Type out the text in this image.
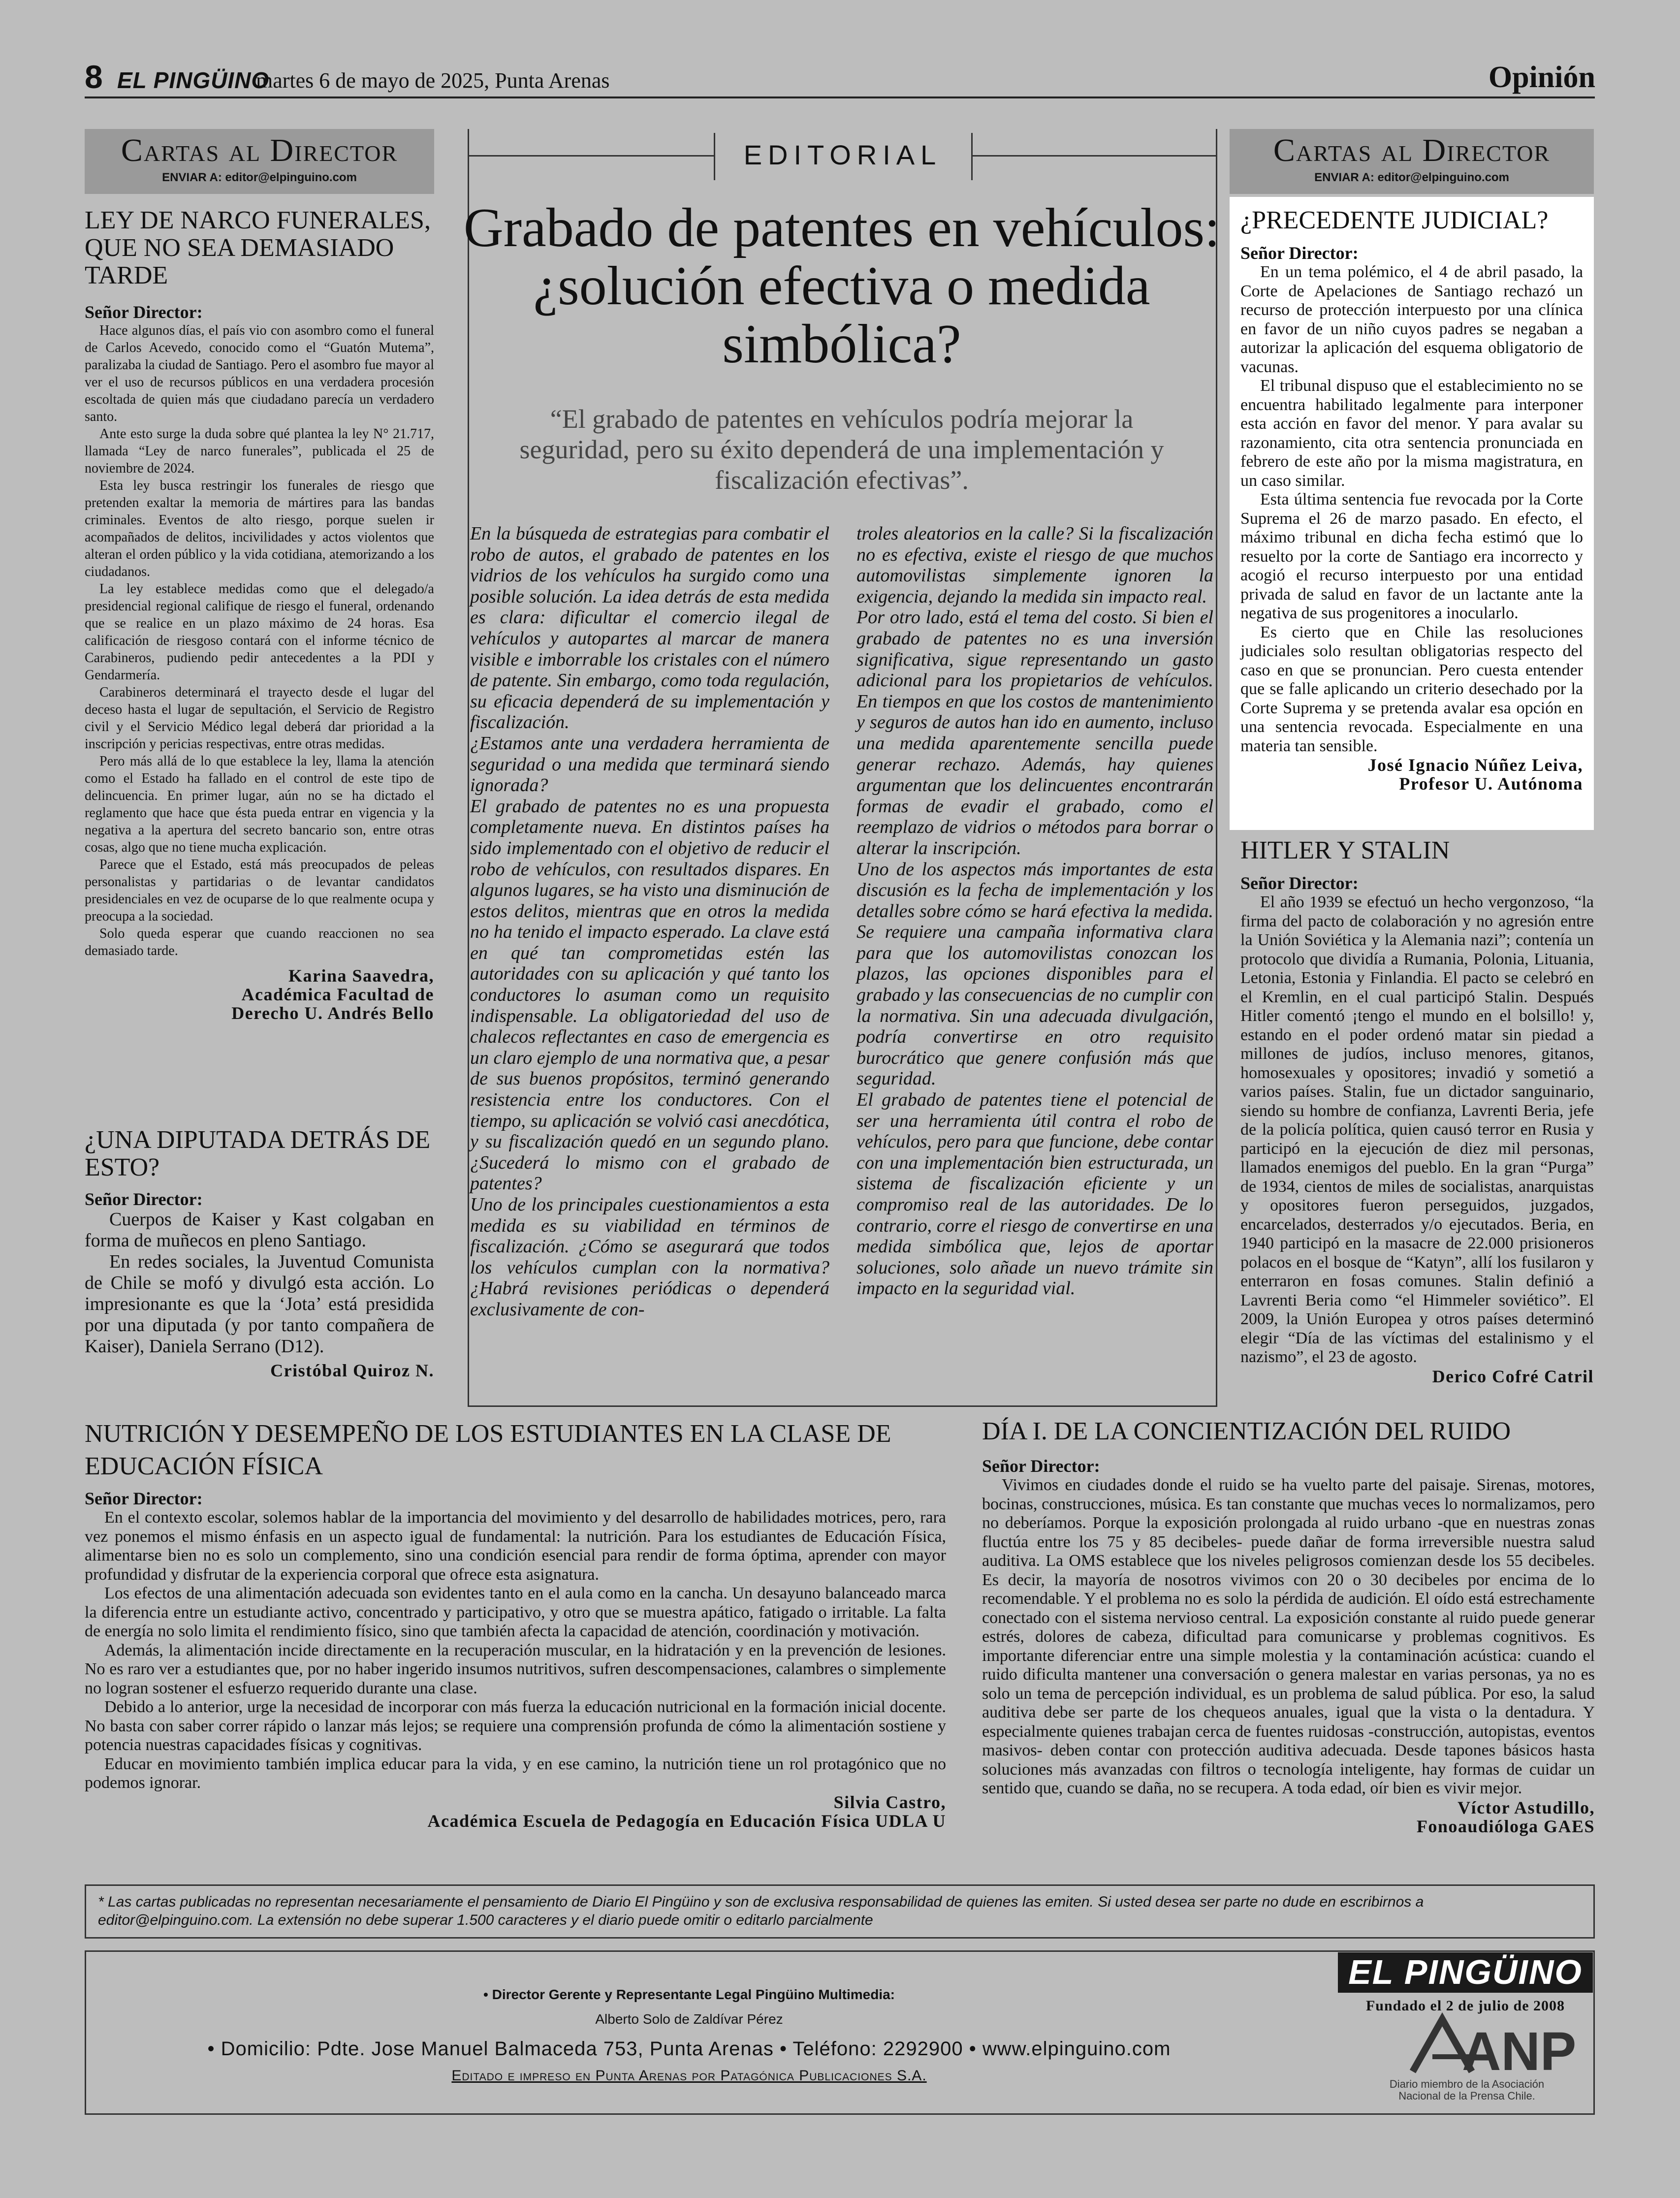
8 EL PINGÜINO
martes 6 de mayo de 2025, Punta Arenas	Opinión
Cartas al Director
ENVIAR A: editor@elpinguino.com
LEY DE NARCO FUNERALES, QUE NO SEA DEMASIADO TARDE
Señor Director:

Hace algunos días, el país vio con asombro como el funeral de Carlos Acevedo, conocido como el “Guatón Mutema”, paralizaba la ciudad de Santiago. Pero el asombro fue mayor al ver el uso de recursos públicos en una verdadera procesión escoltada de quien más que ciudadano parecía un verdadero santo.

Ante esto surge la duda sobre qué plantea la ley N° 21.717, llamada “Ley de narco funerales”, publicada el 25 de noviembre de 2024.

Esta ley busca restringir los funerales de riesgo que pretenden exaltar la memoria de mártires para las bandas criminales. Eventos de alto riesgo, porque suelen ir acompañados de delitos, incivilidades y actos violentos que alteran el orden público y la vida cotidiana, atemorizando a los ciudadanos.

La ley establece medidas como que el delegado/a presidencial regional califique de riesgo el funeral, ordenando que se realice en un plazo máximo de 24 horas. Esa calificación de riesgoso contará con el informe técnico de Carabineros, pudiendo pedir antecedentes a la PDI y Gendarmería.

Carabineros determinará el trayecto desde el lugar del deceso hasta el lugar de sepultación, el Servicio de Registro civil y el Servicio Médico legal deberá dar prioridad a la inscripción y pericias respectivas, entre otras medidas.

Pero más allá de lo que establece la ley, llama la atención como el Estado ha fallado en el control de este tipo de delincuencia. En primer lugar, aún no se ha dictado el reglamento que hace que ésta pueda entrar en vigencia y la negativa a la apertura del secreto bancario son, entre otras cosas, algo que no tiene mucha explicación.

Parece que el Estado, está más preocupados de peleas personalistas y partidarias o de levantar candidatos presidenciales en vez de ocuparse de lo que realmente ocupa y preocupa a la sociedad.

Solo queda esperar que cuando reaccionen no sea demasiado tarde.

Karina Saavedra,
Académica Facultad de
Derecho U. Andrés Bello
¿UNA DIPUTADA DETRÁS DE ESTO?
Señor Director:

Cuerpos de Kaiser y Kast colgaban en forma de muñecos en pleno Santiago.

En redes sociales, la Juventud Comunista de Chile se mofó y divulgó esta acción. Lo impresionante es que la ‘Jota’ está presidida por una diputada (y por tanto compañera de Kaiser), Daniela Serrano (D12).

Cristóbal Quiroz N.
EDITORIAL
Grabado de patentes en vehículos: ¿solución efectiva o medida simbólica?
“El grabado de patentes en vehículos podría mejorar la seguridad, pero su éxito dependerá de una implementación y fiscalización efectivas”.

En la búsqueda de estrategias para combatir el robo de autos, el grabado de patentes en los vidrios de los vehículos ha surgido como una posible solución. La idea detrás de esta medida es clara: dificultar el comercio ilegal de vehículos y autopartes al marcar de manera visible e imborrable los cristales con el número de patente. Sin embargo, como toda regulación, su eficacia dependerá de su implementación y fiscalización.

¿Estamos ante una verdadera herramienta de seguridad o una medida que terminará siendo ignorada?

El grabado de patentes no es una propuesta completamente nueva. En distintos países ha sido implementado con el objetivo de reducir el robo de vehículos, con resultados dispares. En algunos lugares, se ha visto una disminución de estos delitos, mientras que en otros la medida no ha tenido el impacto esperado. La clave está en qué tan comprometidas estén las autoridades con su aplicación y qué tanto los conductores lo asuman como un requisito indispensable. La obligatoriedad del uso de chalecos reflectantes en caso de emergencia es un claro ejemplo de una normativa que, a pesar de sus buenos propósitos, terminó generando resistencia entre los conductores. Con el tiempo, su aplicación se volvió casi anecdótica, y su fiscalización quedó en un segundo plano. ¿Sucederá lo mismo con el grabado de patentes?

Uno de los principales cuestionamientos a esta medida es su viabilidad en términos de fiscalización. ¿Cómo se asegurará que todos los vehículos cumplan con la normativa? ¿Habrá revisiones periódicas o dependerá exclusivamente de con-

troles aleatorios en la calle? Si la fiscalización no es efectiva, existe el riesgo de que muchos automovilistas simplemente ignoren la exigencia, dejando la medida sin impacto real.

Por otro lado, está el tema del costo. Si bien el grabado de patentes no es una inversión significativa, sigue representando un gasto adicional para los propietarios de vehículos. En tiempos en que los costos de mantenimiento y seguros de autos han ido en aumento, incluso una medida aparentemente sencilla puede generar rechazo. Además, hay quienes argumentan que los delincuentes encontrarán formas de evadir el grabado, como el reemplazo de vidrios o métodos para borrar o alterar la inscripción.

Uno de los aspectos más importantes de esta discusión es la fecha de implementación y los detalles sobre cómo se hará efectiva la medida. Se requiere una campaña informativa clara para que los automovilistas conozcan los plazos, las opciones disponibles para el grabado y las consecuencias de no cumplir con la normativa. Sin una adecuada divulgación, podría convertirse en otro requisito burocrático que genere confusión más que seguridad.

El grabado de patentes tiene el potencial de ser una herramienta útil contra el robo de vehículos, pero para que funcione, debe contar con una implementación bien estructurada, un sistema de fiscalización eficiente y un compromiso real de las autoridades. De lo contrario, corre el riesgo de convertirse en una medida simbólica que, lejos de aportar soluciones, solo añade un nuevo trámite sin impacto en la seguridad vial.

Cartas al Director
ENVIAR A: editor@elpinguino.com
¿PRECEDENTE JUDICIAL?
Señor Director:

En un tema polémico, el 4 de abril pasado, la Corte de Apelaciones de Santiago rechazó un recurso de protección interpuesto por una clínica en favor de un niño cuyos padres se negaban a autorizar la aplicación del esquema obligatorio de vacunas.

El tribunal dispuso que el establecimiento no se encuentra habilitado legalmente para interponer esta acción en favor del menor. Y para avalar su razonamiento, cita otra sentencia pronunciada en febrero de este año por la misma magistratura, en un caso similar.

Esta última sentencia fue revocada por la Corte Suprema el 26 de marzo pasado. En efecto, el máximo tribunal en dicha fecha estimó que lo resuelto por la corte de Santiago era incorrecto y acogió el recurso interpuesto por una entidad privada de salud en favor de un lactante ante la negativa de sus progenitores a inocularlo.

Es cierto que en Chile las resoluciones judiciales solo resultan obligatorias respecto del caso en que se pronuncian. Pero cuesta entender que se falle aplicando un criterio desechado por la Corte Suprema y se pretenda avalar esa opción en una sentencia revocada. Especialmente en una materia tan sensible.

José Ignacio Núñez Leiva,
Profesor U. Autónoma
HITLER Y STALIN
Señor Director:

El año 1939 se efectuó un hecho vergonzoso, “la firma del pacto de colaboración y no agresión entre la Unión Soviética y la Alemania nazi”; contenía un protocolo que dividía a Rumania, Polonia, Lituania, Letonia, Estonia y Finlandia. El pacto se celebró en el Kremlin, en el cual participó Stalin. Después Hitler comentó ¡tengo el mundo en el bolsillo! y, estando en el poder ordenó matar sin piedad a millones de judíos, incluso menores, gitanos, homosexuales y opositores; invadió y sometió a varios países. Stalin, fue un dictador sanguinario, siendo su hombre de confianza, Lavrenti Beria, jefe de la policía política, quien causó terror en Rusia y participó en la ejecución de diez mil personas, llamados enemigos del pueblo. En la gran “Purga” de 1934, cientos de miles de socialistas, anarquistas y opositores fueron perseguidos, juzgados, encarcelados, desterrados y/o ejecutados. Beria, en 1940 participó en la masacre de 22.000 prisioneros polacos en el bosque de “Katyn”, allí los fusilaron y enterraron en fosas comunes. Stalin definió a Lavrenti Beria como “el Himmeler soviético”. El 2009, la Unión Europea y otros países determinó elegir “Día de las víctimas del estalinismo y el nazismo”, el 23 de agosto.

Derico Cofré Catril
NUTRICIÓN Y DESEMPEÑO DE LOS ESTUDIANTES EN LA CLASE DE EDUCACIÓN FÍSICA
Señor Director:

En el contexto escolar, solemos hablar de la importancia del movimiento y del desarrollo de habilidades motrices, pero, rara vez ponemos el mismo énfasis en un aspecto igual de fundamental: la nutrición. Para los estudiantes de Educación Física, alimentarse bien no es solo un complemento, sino una condición esencial para rendir de forma óptima, aprender con mayor profundidad y disfrutar de la experiencia corporal que ofrece esta asignatura.

Los efectos de una alimentación adecuada son evidentes tanto en el aula como en la cancha. Un desayuno balanceado marca la diferencia entre un estudiante activo, concentrado y participativo, y otro que se muestra apático, fatigado o irritable. La falta de energía no solo limita el rendimiento físico, sino que también afecta la capacidad de atención, coordinación y motivación.

Además, la alimentación incide directamente en la recuperación muscular, en la hidratación y en la prevención de lesiones. No es raro ver a estudiantes que, por no haber ingerido insumos nutritivos, sufren descompensaciones, calambres o simplemente no logran sostener el esfuerzo requerido durante una clase.

Debido a lo anterior, urge la necesidad de incorporar con más fuerza la educación nutricional en la formación inicial docente. No basta con saber correr rápido o lanzar más lejos; se requiere una comprensión profunda de cómo la alimentación sostiene y potencia nuestras capacidades físicas y cognitivas.

Educar en movimiento también implica educar para la vida, y en ese camino, la nutrición tiene un rol protagónico que no podemos ignorar.

Silvia Castro,
Académica Escuela de Pedagogía en Educación Física UDLA U
DÍA I. DE LA CONCIENTIZACIÓN DEL RUIDO
Señor Director:

Vivimos en ciudades donde el ruido se ha vuelto parte del paisaje. Sirenas, motores, bocinas, construcciones, música. Es tan constante que muchas veces lo normalizamos, pero no deberíamos. Porque la exposición prolongada al ruido urbano -que en nuestras zonas fluctúa entre los 75 y 85 decibeles- puede dañar de forma irreversible nuestra salud auditiva. La OMS establece que los niveles peligrosos comienzan desde los 55 decibeles. Es decir, la mayoría de nosotros vivimos con 20 o 30 decibeles por encima de lo recomendable. Y el problema no es solo la pérdida de audición. El oído está estrechamente conectado con el sistema nervioso central. La exposición constante al ruido puede generar estrés, dolores de cabeza, dificultad para comunicarse y problemas cognitivos. Es importante diferenciar entre una simple molestia y la contaminación acústica: cuando el ruido dificulta mantener una conversación o genera malestar en varias personas, ya no es solo un tema de percepción individual, es un problema de salud pública. Por eso, la salud auditiva debe ser parte de los chequeos anuales, igual que la vista o la dentadura. Y especialmente quienes trabajan cerca de fuentes ruidosas -construcción, autopistas, eventos masivos- deben contar con protección auditiva adecuada. Desde tapones básicos hasta soluciones más avanzadas con filtros o tecnología inteligente, hay formas de cuidar un sentido que, cuando se daña, no se recupera. A toda edad, oír bien es vivir mejor.

Víctor Astudillo,
Fonoaudióloga GAES
* Las cartas publicadas no representan necesariamente el pensamiento de Diario El Pingüino y son de exclusiva responsabilidad de quienes las emiten. Si usted desea ser parte no dude en escribirnos a editor@elpinguino.com. La extensión no debe superar 1.500 caracteres y el diario puede omitir o editarlo parcialmente
• Director Gerente y Representante Legal Pingüino Multimedia:
Alberto Solo de Zaldívar Pérez
• Domicilio: Pdte. Jose Manuel Balmaceda 753, Punta Arenas • Teléfono: 2292900 • www.elpinguino.com
Editado e impreso en Punta Arenas por Patagónica Publicaciones S.A.
EL PINGÜINO
Fundado el 2 de julio de 2008
ANP
Diario miembro de la Asociación Nacional de la Prensa Chile.
